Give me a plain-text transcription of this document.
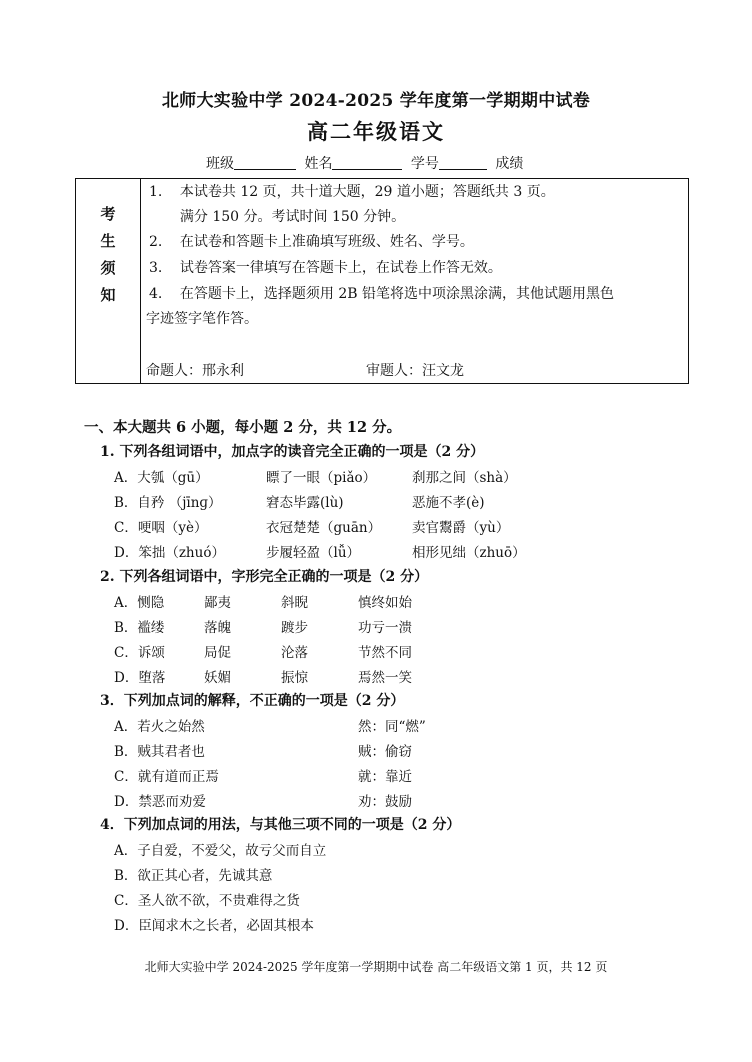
北师大实验中学 2024-2025 学年度第一学期期中试卷
高二年级语文
班级	姓名	学号	成绩
考
生
须
知
1. 本试卷共 12 页，共十道大题，29 道小题；答题纸共 3 页。
满分 150 分。考试时间 150 分钟。
2. 在试卷和答题卡上准确填写班级、姓名、学号。
3. 试卷答案一律填写在答题卡上，在试卷上作答无效。
4. 在答题卡上，选择题须用 2B 铅笔将选中项涂黑涂满，其他试题用黑色
字迹签字笔作答。
命题人：邢永利	审题人：汪文龙
一、本大题共 6 小题，每小题 2 分，共 12 分。
1. 下列各组词语中，加点字的读音完全正确的一项是（2 分）
A．大瓠（gū）	瞟了一眼（piǎo）	刹那之间（shà）
B．自矜 （jīnɡ）	窘态毕露(lù)	恶施不孝(è)
C．哽咽（yè）	衣冠楚楚（guān） 卖官鬻爵（yù）
D．笨拙（zhuó）	步履轻盈（lǚ）	相形见绌（zhuō）
2. 下列各组词语中，字形完全正确的一项是（2 分）
A．恻隐	鄙夷	斜睨	慎终如始
B．褴缕	落魄	踱步	功亏一溃
C．诉颂	局促	沦落	节然不同
D．堕落	妖媚	振惊	焉然一笑
3．下列加点词的解释，不正确的一项是（2 分）
A．若火之始然	然：同“燃”
B．贼其君者也	贼：偷窃
C．就有道而正焉	就：靠近
D．禁恶而劝爱	劝：鼓励
4．下列加点词的用法，与其他三项不同的一项是（2 分）
A．子自爱，不爱父，故亏父而自立
B．欲正其心者，先诚其意
C．圣人欲不欲，不贵难得之货
D．臣闻求木之长者，必固其根本
北师大实验中学 2024-2025 学年度第一学期期中试卷 高二年级语文第 1 页，共 12 页
